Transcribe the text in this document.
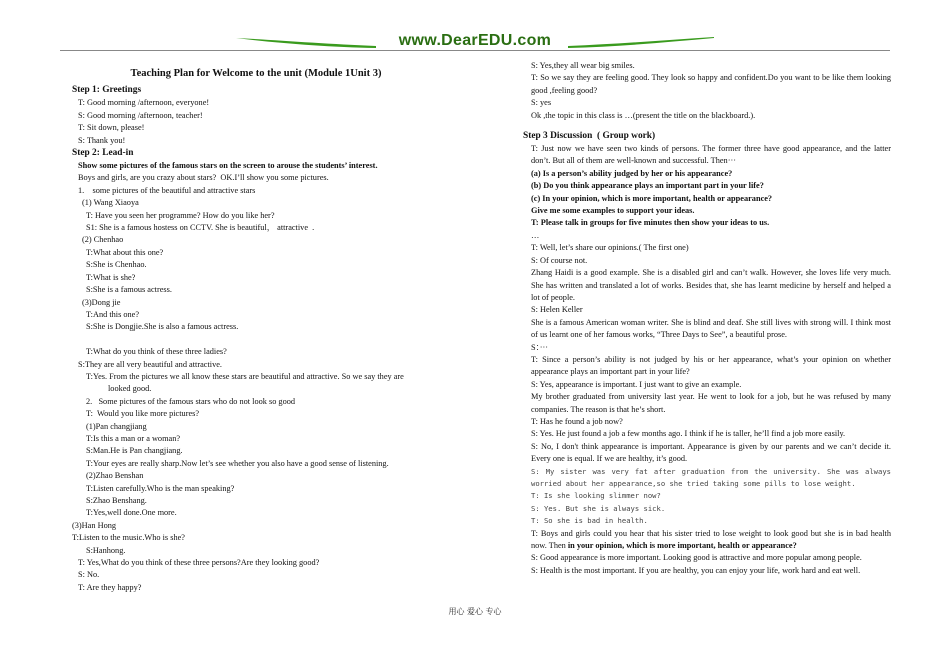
www.DearEDU.com
Teaching Plan for Welcome to the unit (Module 1Unit 3)
Step 1: Greetings
T: Good morning /afternoon, everyone!
S: Good morning /afternoon, teacher!
T: Sit down, please!
S: Thank you!
Step 2: Lead-in
Show some pictures of the famous stars on the screen to arouse the students’ interest.
Boys and girls, are you crazy about stars?  OK.I’ll show you some pictures.
1.    some pictures of the beautiful and attractive stars
(1) Wang Xiaoya
T: Have you seen her programme? How do you like her?
S1: She is a famous hostess on CCTV. She is beautiful， attractive  .
(2) Chenhao
T:What about this one?
S:She is Chenhao.
T:What is she?
S:She is a famous actress.
(3)Dong jie
T:And this one?
S:She is Dongjie.She is also a famous actress.
T:What do you think of these three ladies?
S:They are all very beautiful and attractive.
T:Yes. From the pictures we all know these stars are beautiful and attractive. So we say they are
looked good.
2.   Some pictures of the famous stars who do not look so good
T:  Would you like more pictures?
(1)Pan changjiang
T:Is this a man or a woman?
S:Man.He is Pan changjiang.
T:Your eyes are really sharp.Now let’s see whether you also have a good sense of listening.
(2)Zhao Benshan
T:Listen carefully.Who is the man speaking?
S:Zhao Benshang.
T:Yes,well done.One more.
(3)Han Hong
T:Listen to the music.Who is she?
S:Hanhong.
T: Yes,What do you think of these three persons?Are they looking good?
S: No.
T: Are they happy?
S: Yes,they all wear big smiles.
T: So we say they are feeling good. They look so happy and confident.Do you want to be like them looking good ,feeling good?
S: yes
Ok ,the topic in this class is …(present the title on the blackboard.).
Step 3 Discussion  ( Group work)
T: Just now we have seen two kinds of persons. The former three have good appearance, and the latter don’t. But all of them are well-known and successful. Then···
(a) Is a person’s ability judged by her or his appearance?
(b) Do you think appearance plays an important part in your life?
(c) In your opinion, which is more important, health or appearance?
Give me some examples to support your ideas.
T: Please talk in groups for five minutes then show your ideas to us.
…
T: Well, let’s share our opinions.( The first one)
S: Of course not.
Zhang Haidi is a good example. She is a disabled girl and can’t walk. However, she loves life very much. She has written and translated a lot of works. Besides that, she has learnt medicine by herself and helped a lot of people.
S: Helen Keller
She is a famous American woman writer. She is blind and deaf. She still lives with strong will. I think most of us learnt one of her famous works, “Three Days to See”, a beautiful prose.
S：···
T: Since a person’s ability is not judged by his or her appearance, what’s your opinion on whether appearance plays an important part in your life?
S: Yes, appearance is important. I just want to give an example.
My brother graduated from university last year. He went to look for a job, but he was refused by many companies. The reason is that he’s short.
T: Has he found a job now?
S: Yes. He just found a job a few months ago. I think if he is taller, he’ll find a job more easily.
S: No, I don't think appearance is important. Appearance is given by our parents and we can’t decide it. Every one is equal. If we are healthy, it’s good.
S: My sister was very fat after graduation from the university. She was always worried about her appearance,so she tried taking some pills to lose weight.
T: Is she looking slimmer now?
S: Yes. But she is always sick.
T: So she is bad in health.
T: Boys and girls could you hear that his sister tried to lose weight to look good but she is in bad health now. Then in your opinion, which is more important, health or appearance?
S: Good appearance is more important. Looking good is attractive and more popular among people.
S: Health is the most important. If you are healthy, you can enjoy your life, work hard and eat well.
用心 爱心 专心
